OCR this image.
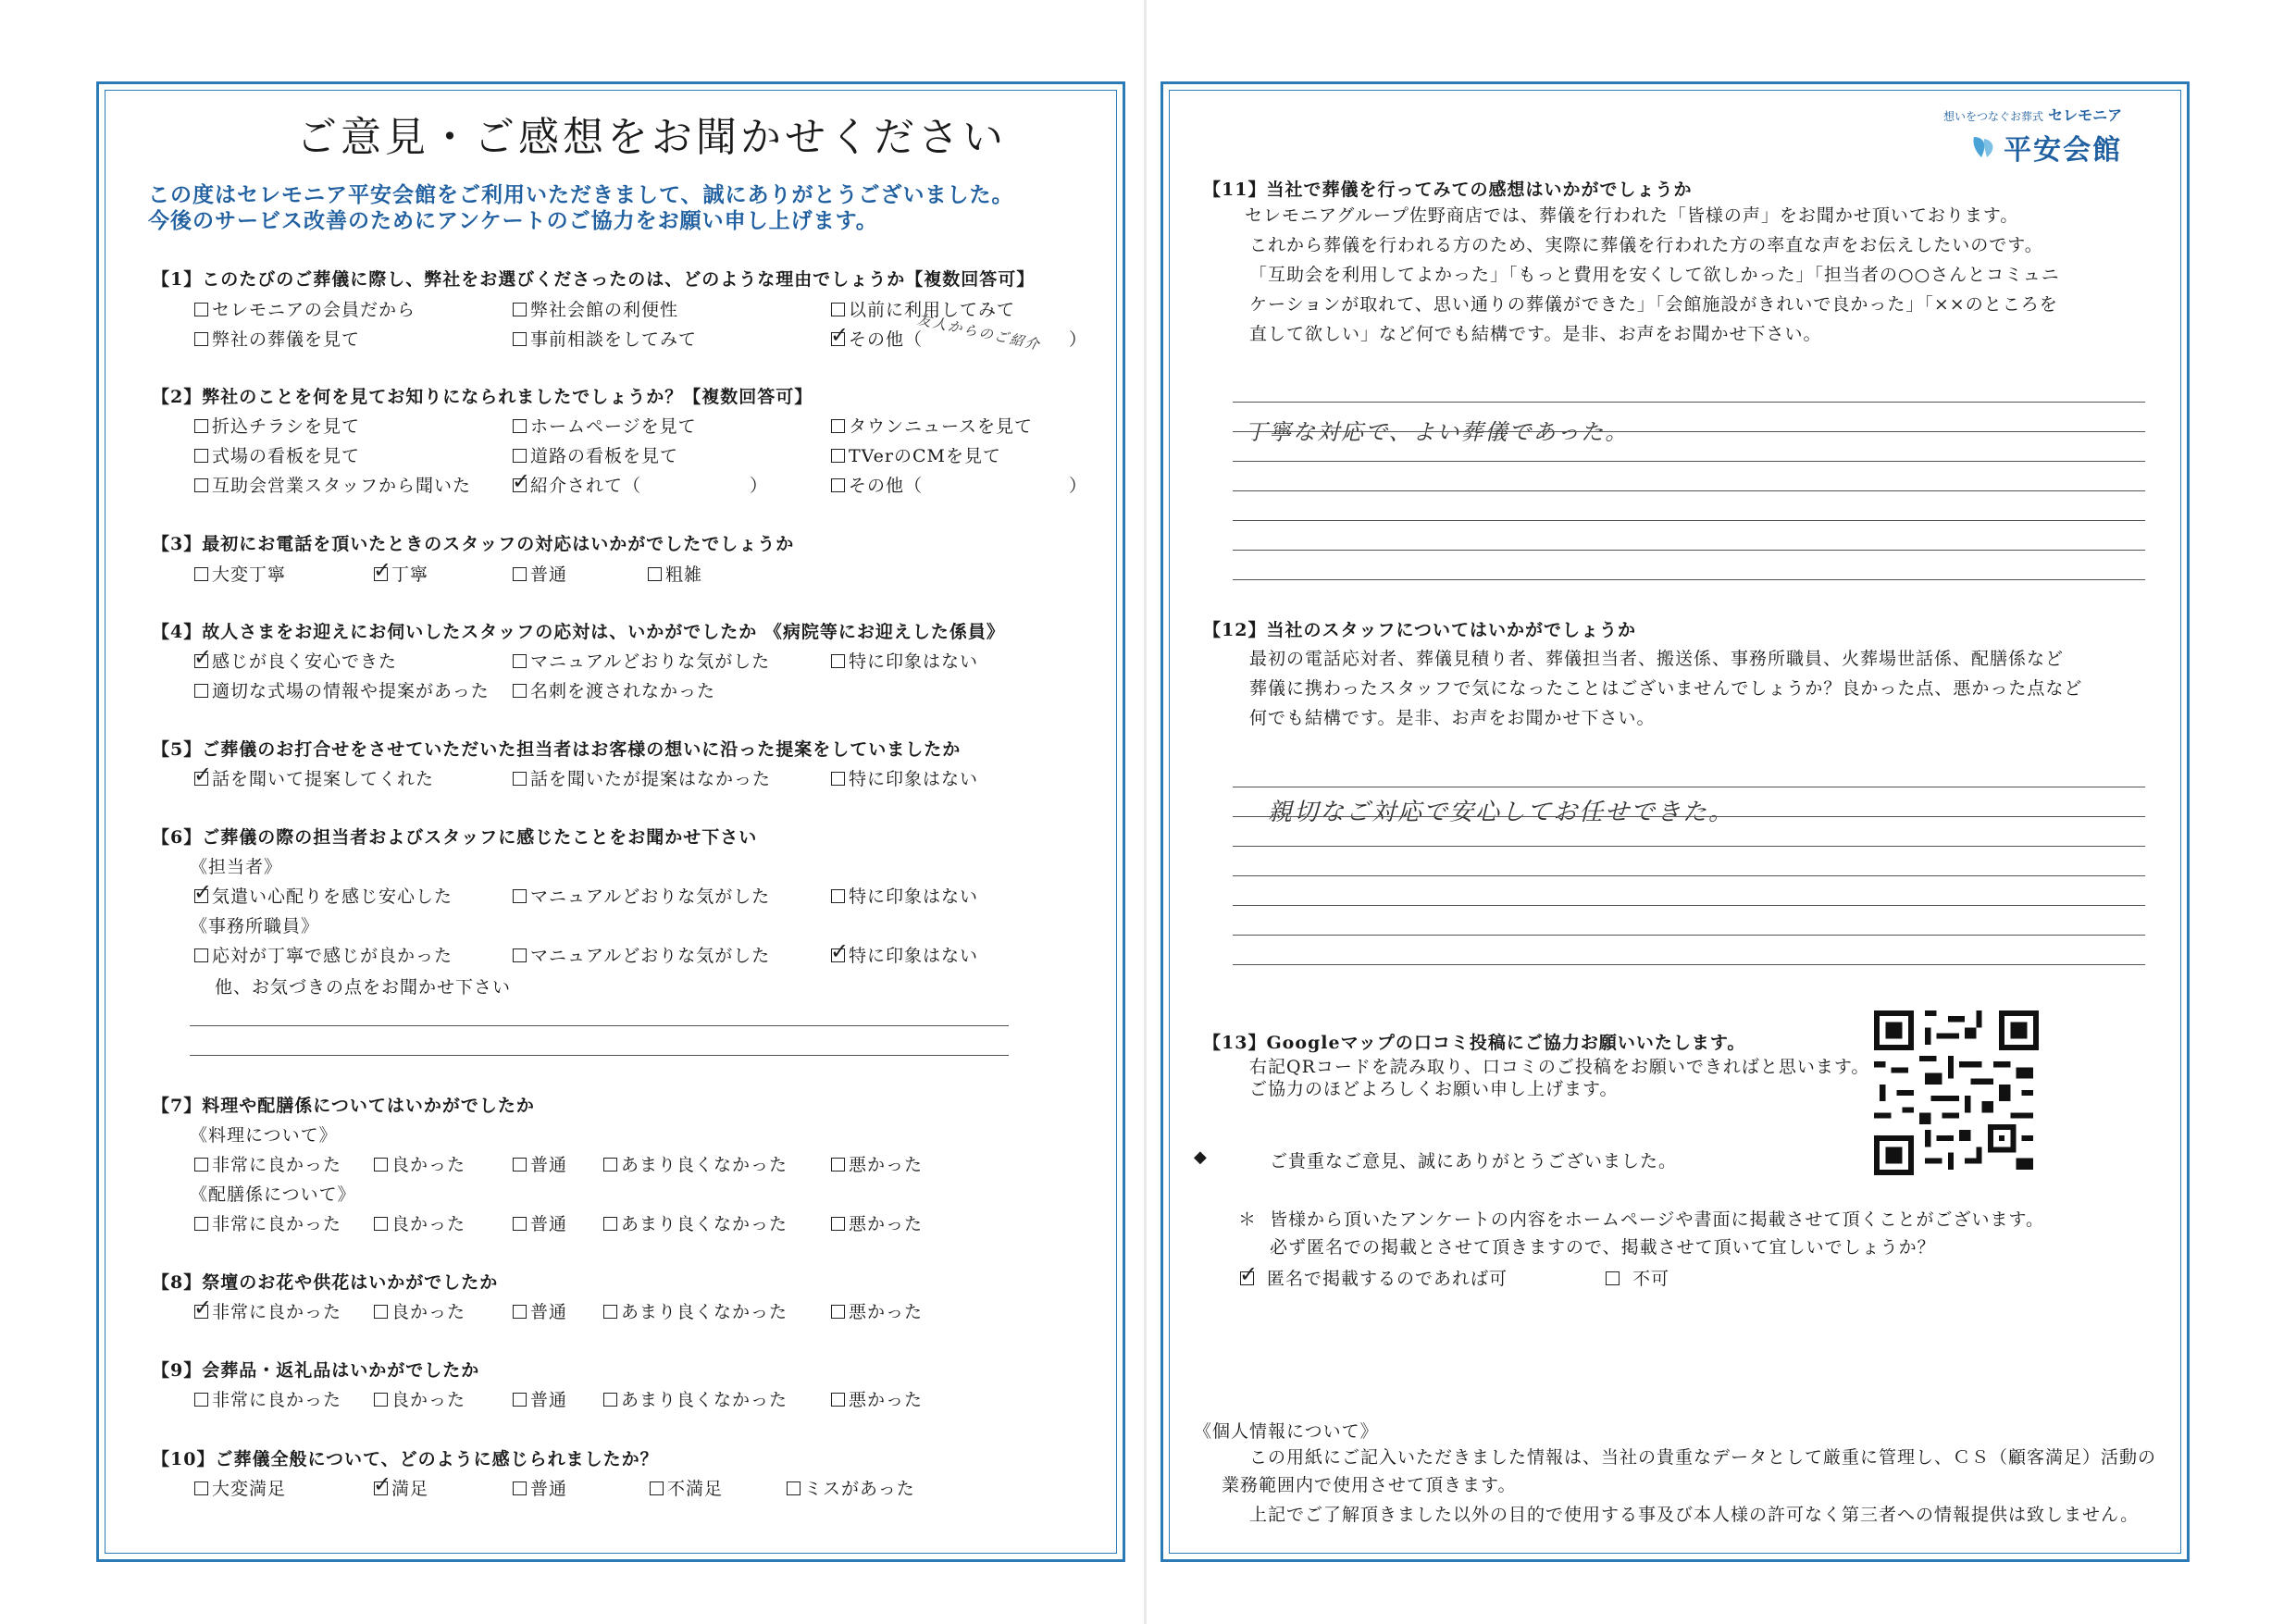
ご意見・ご感想をお聞かせください
この度はセレモニア平安会館をご利用いただきまして、誠にありがとうございました。
今後のサービス改善のためにアンケートのご協力をお願い申し上げます。
【1】このたびのご葬儀に際し、弊社をお選びくださったのは、どのような理由でしょうか【複数回答可】
セレモニアの会員だから	弊社会館の利便性	以前に利用してみて
弊社の葬儀を見て	事前相談をしてみて ✓	その他（
友人からのご紹介 ）
【2】弊社のことを何を見てお知りになられましたでしょうか？【複数回答可】
折込チラシを見て	ホームページを見て	タウンニュースを見て
式場の看板を見て	道路の看板を見て	TVerのCMを見て
互助会営業スタッフから聞いた ✓	紹介されて（	）	その他（	）
【3】最初にお電話を頂いたときのスタッフの対応はいかがでしたでしょうか
大変丁寧 ✓	丁寧	普通	粗雑
【4】故人さまをお迎えにお伺いしたスタッフの応対は、いかがでしたか 《病院等にお迎えした係員》
✓感じが良く安心できた	マニュアルどおりな気がした	特に印象はない
適切な式場の情報や提案があった	名刺を渡されなかった
【5】ご葬儀のお打合せをさせていただいた担当者はお客様の想いに沿った提案をしていましたか
✓話を聞いて提案してくれた	話を聞いたが提案はなかった	特に印象はない
【6】ご葬儀の際の担当者およびスタッフに感じたことをお聞かせ下さい
《担当者》
✓気遣い心配りを感じ安心した	マニュアルどおりな気がした	特に印象はない
《事務所職員》
応対が丁寧で感じが良かった	マニュアルどおりな気がした ✓	特に印象はない
他、お気づきの点をお聞かせ下さい
【7】料理や配膳係についてはいかがでしたか
《料理について》
非常に良かった	良かった	普通	あまり良くなかった	悪かった
《配膳係について》
非常に良かった	良かった	普通	あまり良くなかった	悪かった
【8】祭壇のお花や供花はいかがでしたか
✓非常に良かった	良かった	普通	あまり良くなかった	悪かった
【9】会葬品・返礼品はいかがでしたか
非常に良かった	良かった	普通	あまり良くなかった	悪かった
【10】ご葬儀全般について、どのように感じられましたか？
大変満足 ✓	満足	普通	不満足	ミスがあった
想いをつなぐお葬式 セレモニア
平安会館
【11】当社で葬儀を行ってみての感想はいかがでしょうか
セレモニアグループ佐野商店では、葬儀を行われた「皆様の声」をお聞かせ頂いております。
これから葬儀を行われる方のため、実際に葬儀を行われた方の率直な声をお伝えしたいのです。
「互助会を利用してよかった」「もっと費用を安くして欲しかった」「担当者の○○さんとコミュニ
ケーションが取れて、思い通りの葬儀ができた」「会館施設がきれいで良かった」「××のところを
直して欲しい」など何でも結構です。是非、お声をお聞かせ下さい。
丁寧な対応で、よい葬儀であった。
【12】当社のスタッフについてはいかがでしょうか
最初の電話応対者、葬儀見積り者、葬儀担当者、搬送係、事務所職員、火葬場世話係、配膳係など
葬儀に携わったスタッフで気になったことはございませんでしょうか？良かった点、悪かった点など
何でも結構です。是非、お声をお聞かせ下さい。
親切なご対応で安心してお任せできた。
【13】Googleマップの口コミ投稿にご協力お願いいたします。
右記QRコードを読み取り、口コミのご投稿をお願いできればと思います。
ご協力のほどよろしくお願い申し上げます。
◆	ご貴重なご意見、誠にありがとうございました。
＊ 皆様から頂いたアンケートの内容をホームページや書面に掲載させて頂くことがございます。
必ず匿名での掲載とさせて頂きますので、掲載させて頂いて宜しいでしょうか？
✓匿名で掲載するのであれば可	不可
《個人情報について》
この用紙にご記入いただきました情報は、当社の貴重なデータとして厳重に管理し、ＣＳ（顧客満足）活動の
業務範囲内で使用させて頂きます。
上記でご了解頂きました以外の目的で使用する事及び本人様の許可なく第三者への情報提供は致しません。
